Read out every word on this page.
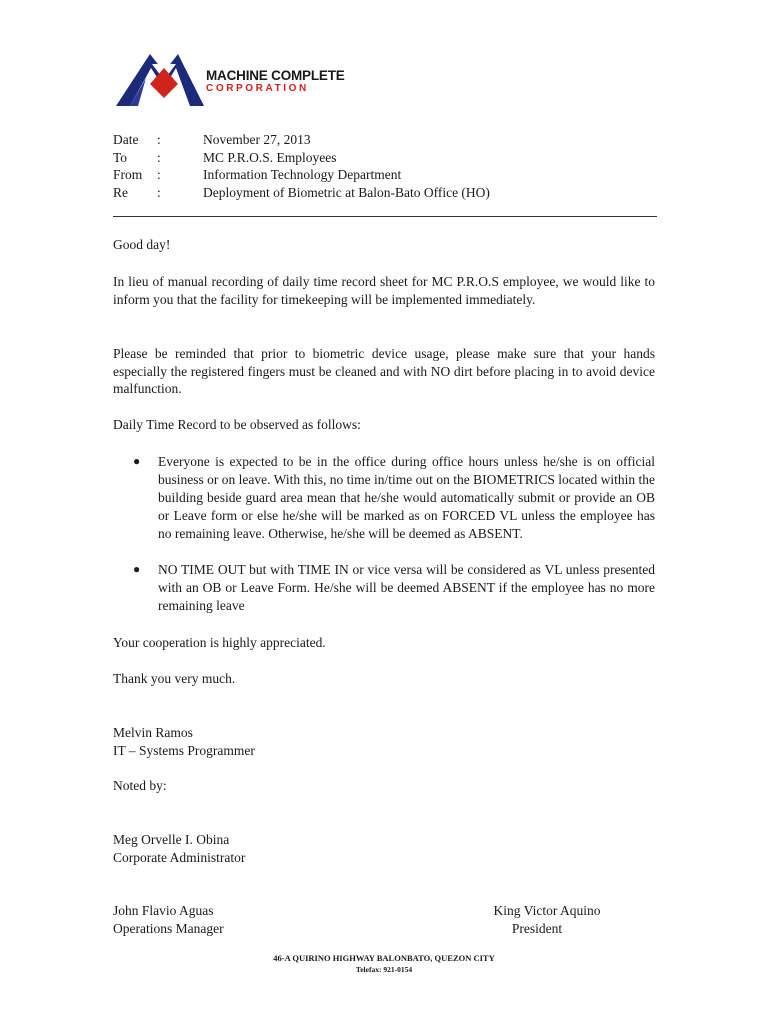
MACHINE COMPLETE
CORPORATION
Date :	November 27, 2013
To :	MC P.R.O.S. Employees
From :	Information Technology Department
Re :	Deployment of Biometric at Balon-Bato Office (HO)
Good day!
In lieu of manual recording of daily time record sheet for MC P.R.O.S employee, we would like to inform you that the facility for timekeeping will be implemented immediately.
Please be reminded that prior to biometric device usage, please make sure that your hands especially the registered fingers must be cleaned and with NO dirt before placing in to avoid device malfunction.
Daily Time Record to be observed as follows:
● Everyone is expected to be in the office during office hours unless he/she is on official business or on leave. With this, no time in/time out on the BIOMETRICS located within the building beside guard area mean that he/she would automatically submit or provide an OB or Leave form or else he/she will be marked as on FORCED VL unless the employee has no remaining leave. Otherwise, he/she will be deemed as ABSENT.
● NO TIME OUT but with TIME IN or vice versa will be considered as VL unless presented with an OB or Leave Form. He/she will be deemed ABSENT if the employee has no more remaining leave
Your cooperation is highly appreciated.
Thank you very much.
Melvin Ramos
IT – Systems Programmer
Noted by:
Meg Orvelle I. Obina
Corporate Administrator
John Flavio Aguas
Operations Manager
King Victor Aquino
President
46-A QUIRINO HIGHWAY BALONBATO, QUEZON CITY
Telefax: 921-0154
